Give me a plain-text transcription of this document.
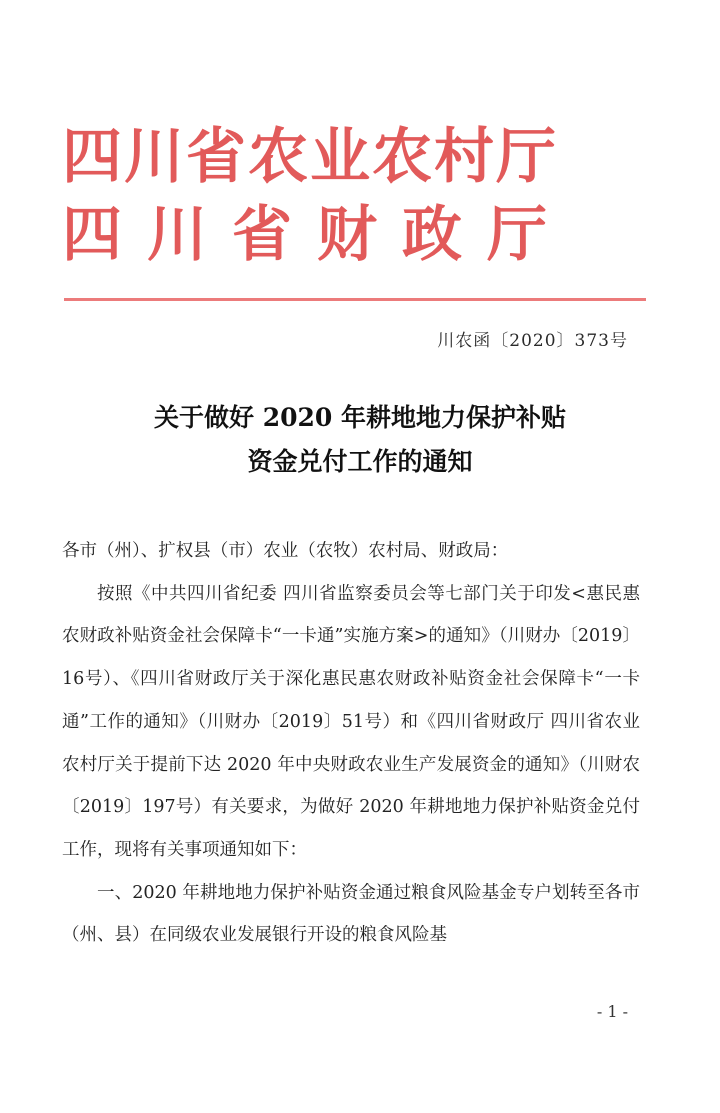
四川省农业农村厅
四川省财政厅
川农函〔2020〕373号
关于做好 2020 年耕地地力保护补贴
资金兑付工作的通知

各市（州）、扩权县（市）农业（农牧）农村局、财政局：

按照《中共四川省纪委 四川省监察委员会等七部门关于印发<惠民惠农财政补贴资金社会保障卡“一卡通”实施方案>的通知》（川财办〔2019〕16号）、《四川省财政厅关于深化惠民惠农财政补贴资金社会保障卡“一卡通”工作的通知》（川财办〔2019〕51号）和《四川省财政厅 四川省农业农村厅关于提前下达 2020 年中央财政农业生产发展资金的通知》（川财农〔2019〕197号）有关要求，为做好 2020 年耕地地力保护补贴资金兑付工作，现将有关事项通知如下：

一、2020 年耕地地力保护补贴资金通过粮食风险基金专户划转至各市（州、县）在同级农业发展银行开设的粮食风险基

- 1 -
